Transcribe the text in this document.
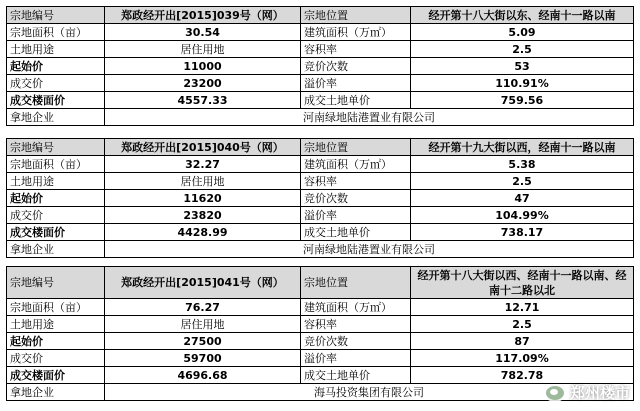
宗地编号	郑政经开出[2015]039号（网）	宗地位置	经开第十八大街以东、经南十一路以南
宗地面积（亩）	30.54	建筑面积（万㎡）	5.09
土地用途	居住用地	容积率	2.5
起始价	11000	竞价次数	53
成交价	23200	溢价率	110.91%
成交楼面价	4557.33	成交土地单价	759.56
拿地企业	河南绿地陆港置业有限公司		
宗地编号	郑政经开出[2015]040号（网）	宗地位置	经开第十九大街以西，经南十一路以南
宗地面积（亩）	32.27	建筑面积（万㎡）	5.38
土地用途	居住用地	容积率	2.5
起始价	11620	竞价次数	47
成交价	23820	溢价率	104.99%
成交楼面价	4428.99	成交土地单价	738.17
拿地企业	河南绿地陆港置业有限公司		
宗地编号	郑政经开出[2015]041号（网）	宗地位置	经开第十八大街以西、经南十一路以南、经南十二路以北
宗地面积（亩）	76.27	建筑面积（万㎡）	12.71
土地用途	居住用地	容积率	2.5
起始价	27500	竞价次数	87
成交价	59700	溢价率	117.09%
成交楼面价	4696.68	成交土地单价	782.78
拿地企业	海马投资集团有限公司			郑州楼市
